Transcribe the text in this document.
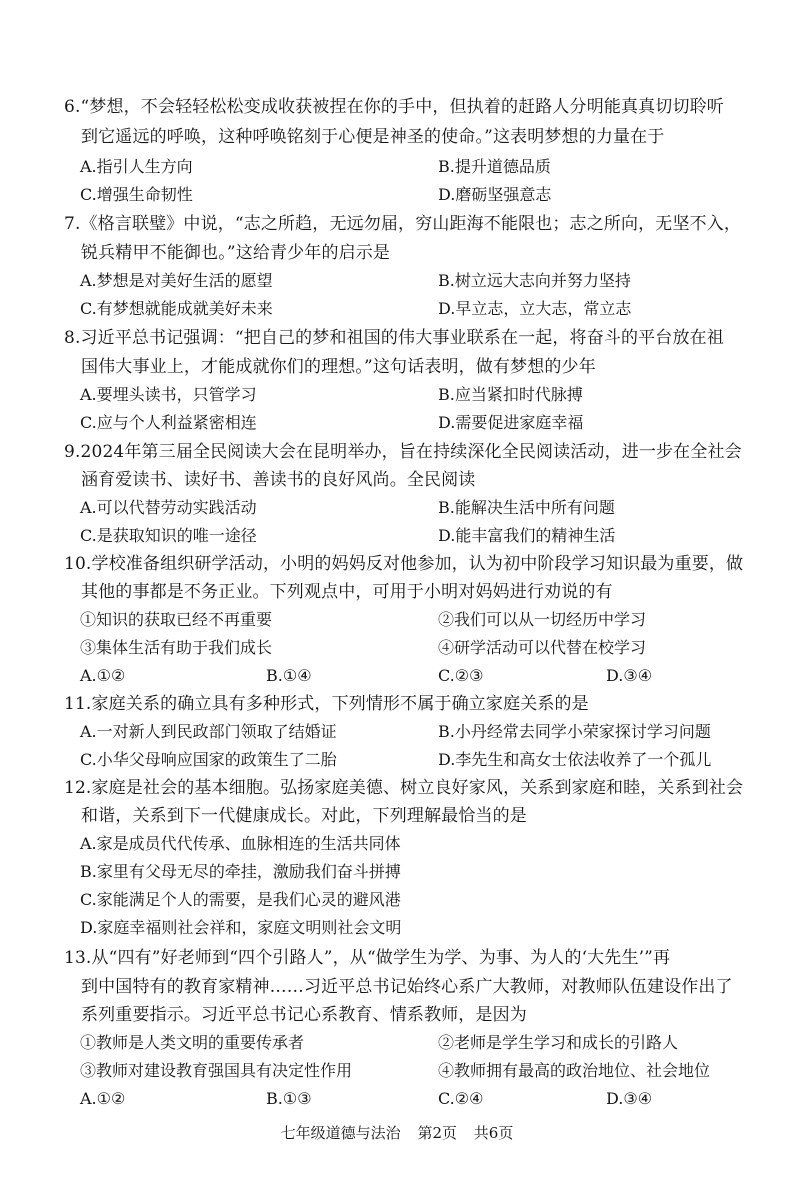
6.“梦想，不会轻轻松松变成收获被捏在你的手中，但执着的赶路人分明能真真切切聆听
到它遥远的呼唤，这种呼唤铭刻于心便是神圣的使命。”这表明梦想的力量在于
A.指引人生方向	B.提升道德品质
C.增强生命韧性	D.磨砺坚强意志
7.《格言联璧》中说，“志之所趋，无远勿届，穷山距海不能限也；志之所向，无坚不入，
锐兵精甲不能御也。”这给青少年的启示是
A.梦想是对美好生活的愿望	B.树立远大志向并努力坚持
C.有梦想就能成就美好未来	D.早立志，立大志，常立志
8.习近平总书记强调：“把自己的梦和祖国的伟大事业联系在一起，将奋斗的平台放在祖
国伟大事业上，才能成就你们的理想。”这句话表明，做有梦想的少年
A.要埋头读书，只管学习	B.应当紧扣时代脉搏
C.应与个人利益紧密相连	D.需要促进家庭幸福
9.2024年第三届全民阅读大会在昆明举办，旨在持续深化全民阅读活动，进一步在全社会
涵育爱读书、读好书、善读书的良好风尚。全民阅读
A.可以代替劳动实践活动	B.能解决生活中所有问题
C.是获取知识的唯一途径	D.能丰富我们的精神生活
10.学校准备组织研学活动，小明的妈妈反对他参加，认为初中阶段学习知识最为重要，做
其他的事都是不务正业。下列观点中，可用于小明对妈妈进行劝说的有
①知识的获取已经不再重要	②我们可以从一切经历中学习
③集体生活有助于我们成长	④研学活动可以代替在校学习
A.①②	B.①④	C.②③	D.③④
11.家庭关系的确立具有多种形式，下列情形不属于确立家庭关系的是
A.一对新人到民政部门领取了结婚证	B.小丹经常去同学小荣家探讨学习问题
C.小华父母响应国家的政策生了二胎	D.李先生和高女士依法收养了一个孤儿
12.家庭是社会的基本细胞。弘扬家庭美德、树立良好家风，关系到家庭和睦，关系到社会
和谐，关系到下一代健康成长。对此，下列理解最恰当的是
A.家是成员代代传承、血脉相连的生活共同体
B.家里有父母无尽的牵挂，激励我们奋斗拼搏
C.家能满足个人的需要，是我们心灵的避风港
D.家庭幸福则社会祥和，家庭文明则社会文明
13.从“四有”好老师到“四个引路人”，从“做学生为学、为事、为人的‘大先生’”再
到中国特有的教育家精神……习近平总书记始终心系广大教师，对教师队伍建设作出了
系列重要指示。习近平总书记心系教育、情系教师，是因为
①教师是人类文明的重要传承者	②老师是学生学习和成长的引路人
③教师对建设教育强国具有决定性作用	④教师拥有最高的政治地位、社会地位
A.①②	B.①③	C.②④	D.③④
七年级道德与法治 第2页 共6页
